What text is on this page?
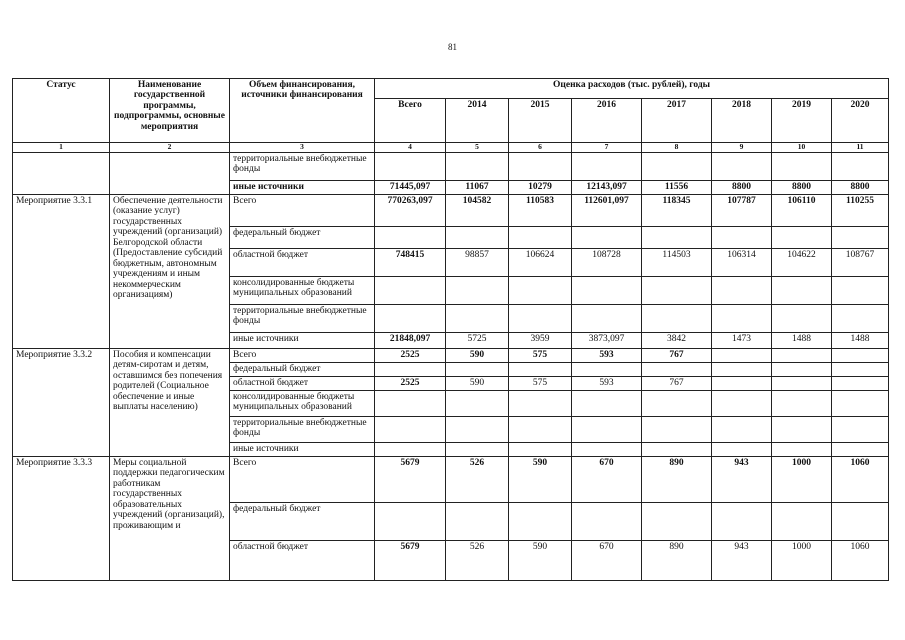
81
Статус	Наименование государственной программы, подпрограммы, основные мероприятия	Объем финансирования, источники финансирования	Оценка расходов (тыс. рублей), годы							
			Всего	2014	2015	2016	2017	2018	2019	2020
1	2	3	4	5	6	7	8	9	10	11
		территориальные внебюджетные фонды								
		иные источники	71445,097	11067	10279	12143,097	11556	8800	8800	8800
Мероприятие 3.3.1	Обеспечение деятельности (оказание услуг) государственных учреждений (организаций) Белгородской области (Предоставление субсидий бюджетным, автономным учреждениям и иным некоммерческим организациям)	Всего	770263,097	104582	110583	112601,097	118345	107787	106110	110255
		федеральный бюджет								
		областной бюджет	748415	98857	106624	108728	114503	106314	104622	108767
		консолидированные бюджеты муниципальных образований								
		территориальные внебюджетные фонды								
		иные источники	21848,097	5725	3959	3873,097	3842	1473	1488	1488
Мероприятие 3.3.2	Пособия и компенсации детям-сиротам и детям, оставшимся без попечения родителей (Социальное обеспечение и иные выплаты населению)	Всего	2525	590	575	593	767			
		федеральный бюджет								
		областной бюджет	2525	590	575	593	767			
		консолидированные бюджеты муниципальных образований								
		территориальные внебюджетные фонды								
		иные источники								
Мероприятие 3.3.3	Меры социальной поддержки педагогическим работникам государственных образовательных учреждений (организаций), проживающим и	Всего	5679	526	590	670	890	943	1000	1060
		федеральный бюджет								
		областной бюджет	5679	526	590	670	890	943	1000	1060
